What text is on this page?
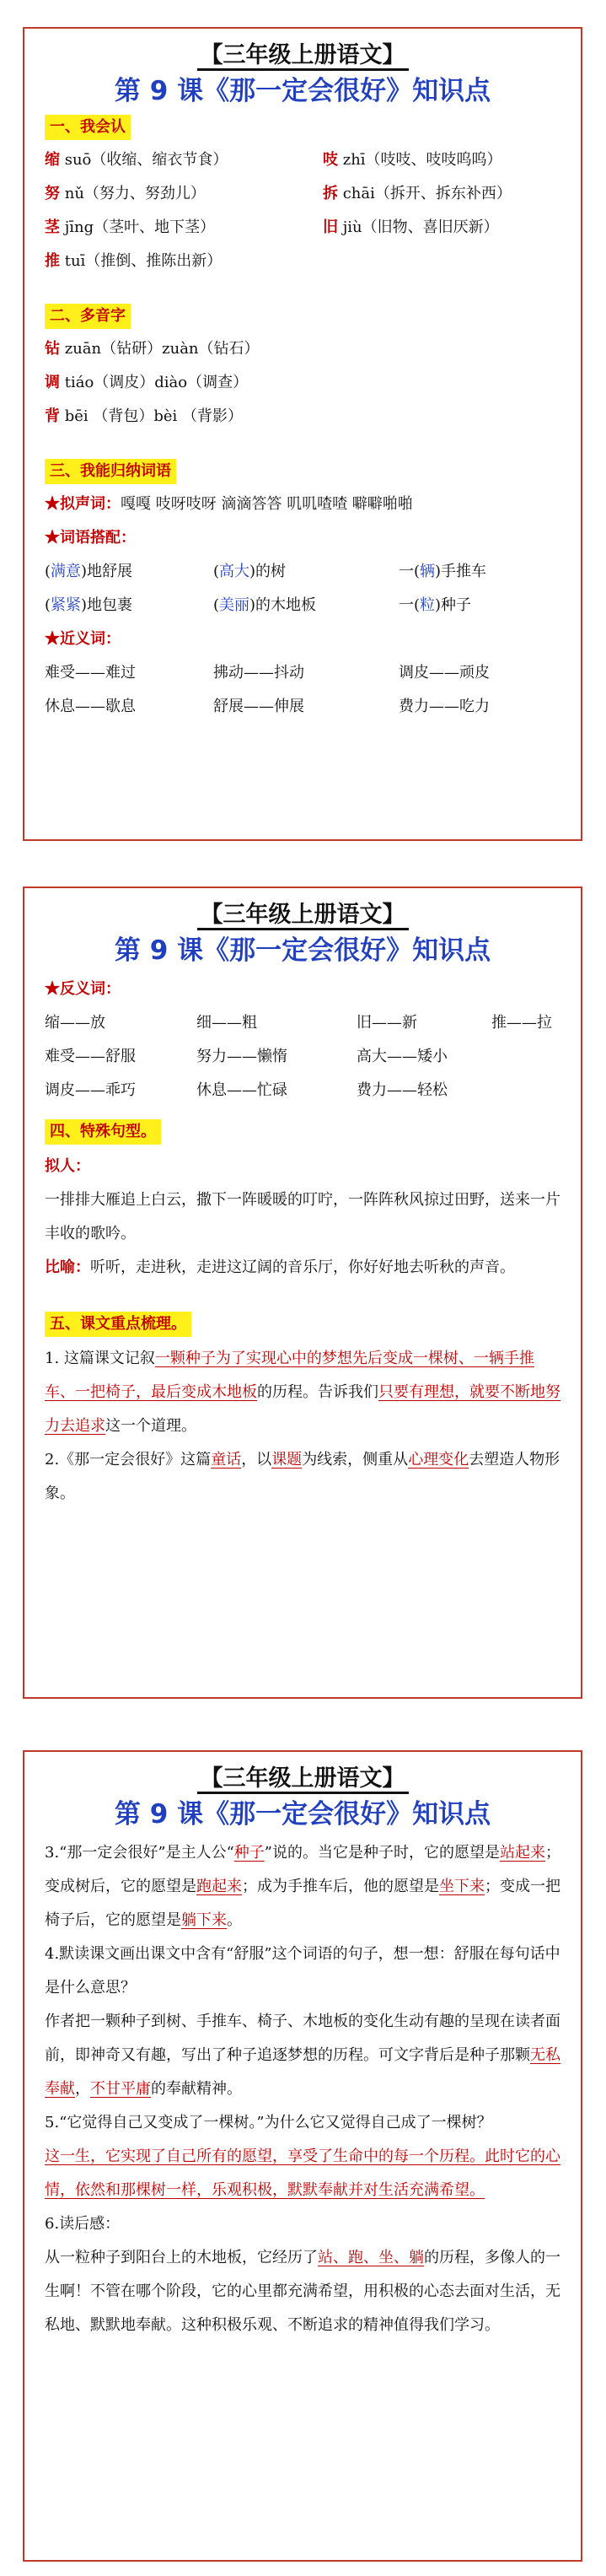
【三年级上册语文】
第 9 课《那一定会很好》知识点
一、我会认
缩 suō（收缩、缩衣节食）	吱 zhī（吱吱、吱吱呜呜）
努 nǔ（努力、努劲儿）	拆 chāi（拆开、拆东补西）
茎 jīng（茎叶、地下茎）	旧 jiù（旧物、喜旧厌新）
推 tuī（推倒、推陈出新）
二、多音字
钻 zuān（钻研）zuàn（钻石）
调 tiáo（调皮）diào（调查）
背 bēi （背包）bèi （背影）
三、我能归纳词语
★拟声词：嘎嘎 吱呀吱呀 滴滴答答 叽叽喳喳 噼噼啪啪
★词语搭配：
(满意)地舒展	(高大)的树	一(辆)手推车
(紧紧)地包裹	(美丽)的木地板	一(粒)种子
★近义词：
难受——难过	拂动——抖动	调皮——顽皮
休息——歇息	舒展——伸展	费力——吃力
【三年级上册语文】
第 9 课《那一定会很好》知识点
★反义词：
缩——放	细——粗	旧——新	推——拉
难受——舒服	努力——懒惰	高大——矮小
调皮——乖巧	休息——忙碌	费力——轻松
四、特殊句型。
拟人：

一排排大雁追上白云，撒下一阵暖暖的叮咛，一阵阵秋风掠过田野，送来一片丰收的歌吟。

比喻：听听，走进秋，走进这辽阔的音乐厅，你好好地去听秋的声音。

五、课文重点梳理。

1. 这篇课文记叙一颗种子为了实现心中的梦想先后变成一棵树、一辆手推车、一把椅子，最后变成木地板的历程。告诉我们只要有理想，就要不断地努力去追求这一个道理。

2.《那一定会很好》这篇童话，以课题为线索，侧重从心理变化去塑造人物形象。

【三年级上册语文】
第 9 课《那一定会很好》知识点

3.“那一定会很好”是主人公“种子”说的。当它是种子时，它的愿望是站起来；变成树后，它的愿望是跑起来；成为手推车后，他的愿望是坐下来；变成一把椅子后，它的愿望是躺下来。

4.默读课文画出课文中含有“舒服”这个词语的句子，想一想：舒服在每句话中是什么意思？

作者把一颗种子到树、手推车、椅子、木地板的变化生动有趣的呈现在读者面前，即神奇又有趣，写出了种子追逐梦想的历程。可文字背后是种子那颗无私奉献，不甘平庸的奉献精神。

5.“它觉得自己又变成了一棵树。”为什么它又觉得自己成了一棵树？

这一生，它实现了自己所有的愿望，享受了生命中的每一个历程。此时它的心情，依然和那棵树一样，乐观积极，默默奉献并对生活充满希望。

6.读后感：

从一粒种子到阳台上的木地板，它经历了站、跑、坐、躺的历程，多像人的一生啊！不管在哪个阶段，它的心里都充满希望，用积极的心态去面对生活，无私地、默默地奉献。这种积极乐观、不断追求的精神值得我们学习。
